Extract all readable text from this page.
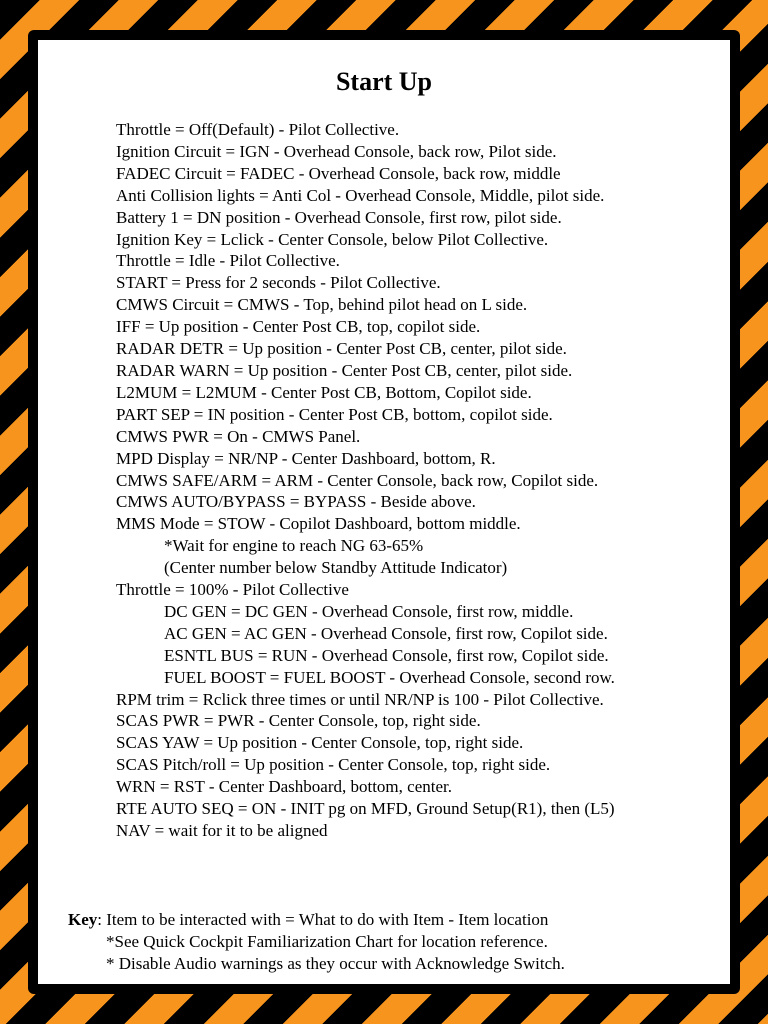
Start Up
Throttle = Off(Default) - Pilot Collective.
Ignition Circuit = IGN - Overhead Console, back row, Pilot side.
FADEC Circuit = FADEC - Overhead Console, back row, middle
Anti Collision lights = Anti Col - Overhead Console, Middle, pilot side.
Battery 1 = DN position - Overhead Console, first row, pilot side.
Ignition Key = Lclick - Center Console, below Pilot Collective.
Throttle = Idle - Pilot Collective.
START = Press for 2 seconds - Pilot Collective.
CMWS Circuit = CMWS - Top, behind pilot head on L side.
IFF = Up position - Center Post CB, top, copilot side.
RADAR DETR = Up position - Center Post CB, center, pilot side.
RADAR WARN = Up position - Center Post CB, center, pilot side.
L2MUM = L2MUM - Center Post CB, Bottom, Copilot side.
PART SEP = IN position - Center Post CB, bottom, copilot side.
CMWS PWR = On - CMWS Panel.
MPD Display = NR/NP - Center Dashboard, bottom, R.
CMWS SAFE/ARM = ARM - Center Console, back row, Copilot side.
CMWS AUTO/BYPASS = BYPASS - Beside above.
MMS Mode = STOW - Copilot Dashboard, bottom middle.
*Wait for engine to reach NG 63-65%
(Center number below Standby Attitude Indicator)
Throttle = 100% - Pilot Collective
DC GEN = DC GEN - Overhead Console, first row, middle.
AC GEN = AC GEN - Overhead Console, first row, Copilot side.
ESNTL BUS = RUN - Overhead Console, first row, Copilot side.
FUEL BOOST = FUEL BOOST - Overhead Console, second row.
RPM trim = Rclick three times or until NR/NP is 100 - Pilot Collective.
SCAS PWR = PWR - Center Console, top, right side.
SCAS YAW = Up position - Center Console, top, right side.
SCAS Pitch/roll = Up position - Center Console, top, right side.
WRN = RST - Center Dashboard, bottom, center.
RTE AUTO SEQ = ON - INIT pg on MFD, Ground Setup(R1), then (L5)
NAV = wait for it to be aligned
Key: Item to be interacted with = What to do with Item - Item location
*See Quick Cockpit Familiarization Chart for location reference.
* Disable Audio warnings as they occur with Acknowledge Switch.
